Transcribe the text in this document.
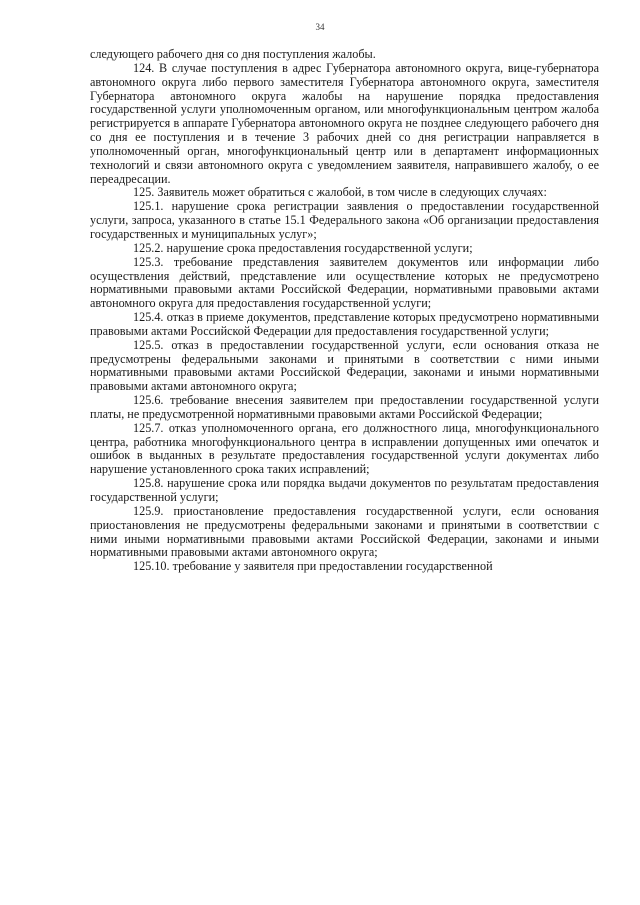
34

следующего рабочего дня со дня поступления жалобы.

124. В случае поступления в адрес Губернатора автономного округа, вице-губернатора автономного округа либо первого заместителя Губернатора автономного округа, заместителя Губернатора автономного округа жалобы на нарушение порядка предоставления государственной услуги уполномоченным органом, или многофункциональным центром жалоба регистрируется в аппарате Губернатора автономного округа не позднее следующего рабочего дня со дня ее поступления и в течение 3 рабочих дней со дня регистрации направляется в уполномоченный орган, многофункциональный центр или в департамент информационных технологий и связи автономного округа с уведомлением заявителя, направившего жалобу, о ее переадресации.

125. Заявитель может обратиться с жалобой, в том числе в следующих случаях:

125.1. нарушение срока регистрации заявления о предоставлении государственной услуги, запроса, указанного в статье 15.1 Федерального закона «Об организации предоставления государственных и муниципальных услуг»;

125.2. нарушение срока предоставления государственной услуги;

125.3. требование представления заявителем документов или информации либо осуществления действий, представление или осуществление которых не предусмотрено нормативными правовыми актами Российской Федерации, нормативными правовыми актами автономного округа для предоставления государственной услуги;

125.4. отказ в приеме документов, представление которых предусмотрено нормативными правовыми актами Российской Федерации для предоставления государственной услуги;

125.5. отказ в предоставлении государственной услуги, если основания отказа не предусмотрены федеральными законами и принятыми в соответствии с ними иными нормативными правовыми актами Российской Федерации, законами и иными нормативными правовыми актами автономного округа;

125.6. требование внесения заявителем при предоставлении государственной услуги платы, не предусмотренной нормативными правовыми актами Российской Федерации;

125.7. отказ уполномоченного органа, его должностного лица, многофункционального центра, работника многофункционального центра в исправлении допущенных ими опечаток и ошибок в выданных в результате предоставления государственной услуги документах либо нарушение установленного срока таких исправлений;

125.8. нарушение срока или порядка выдачи документов по результатам предоставления государственной услуги;

125.9. приостановление предоставления государственной услуги, если основания приостановления не предусмотрены федеральными законами и принятыми в соответствии с ними иными нормативными правовыми актами Российской Федерации, законами и иными нормативными правовыми актами автономного округа;

125.10. требование у заявителя при предоставлении государственной
